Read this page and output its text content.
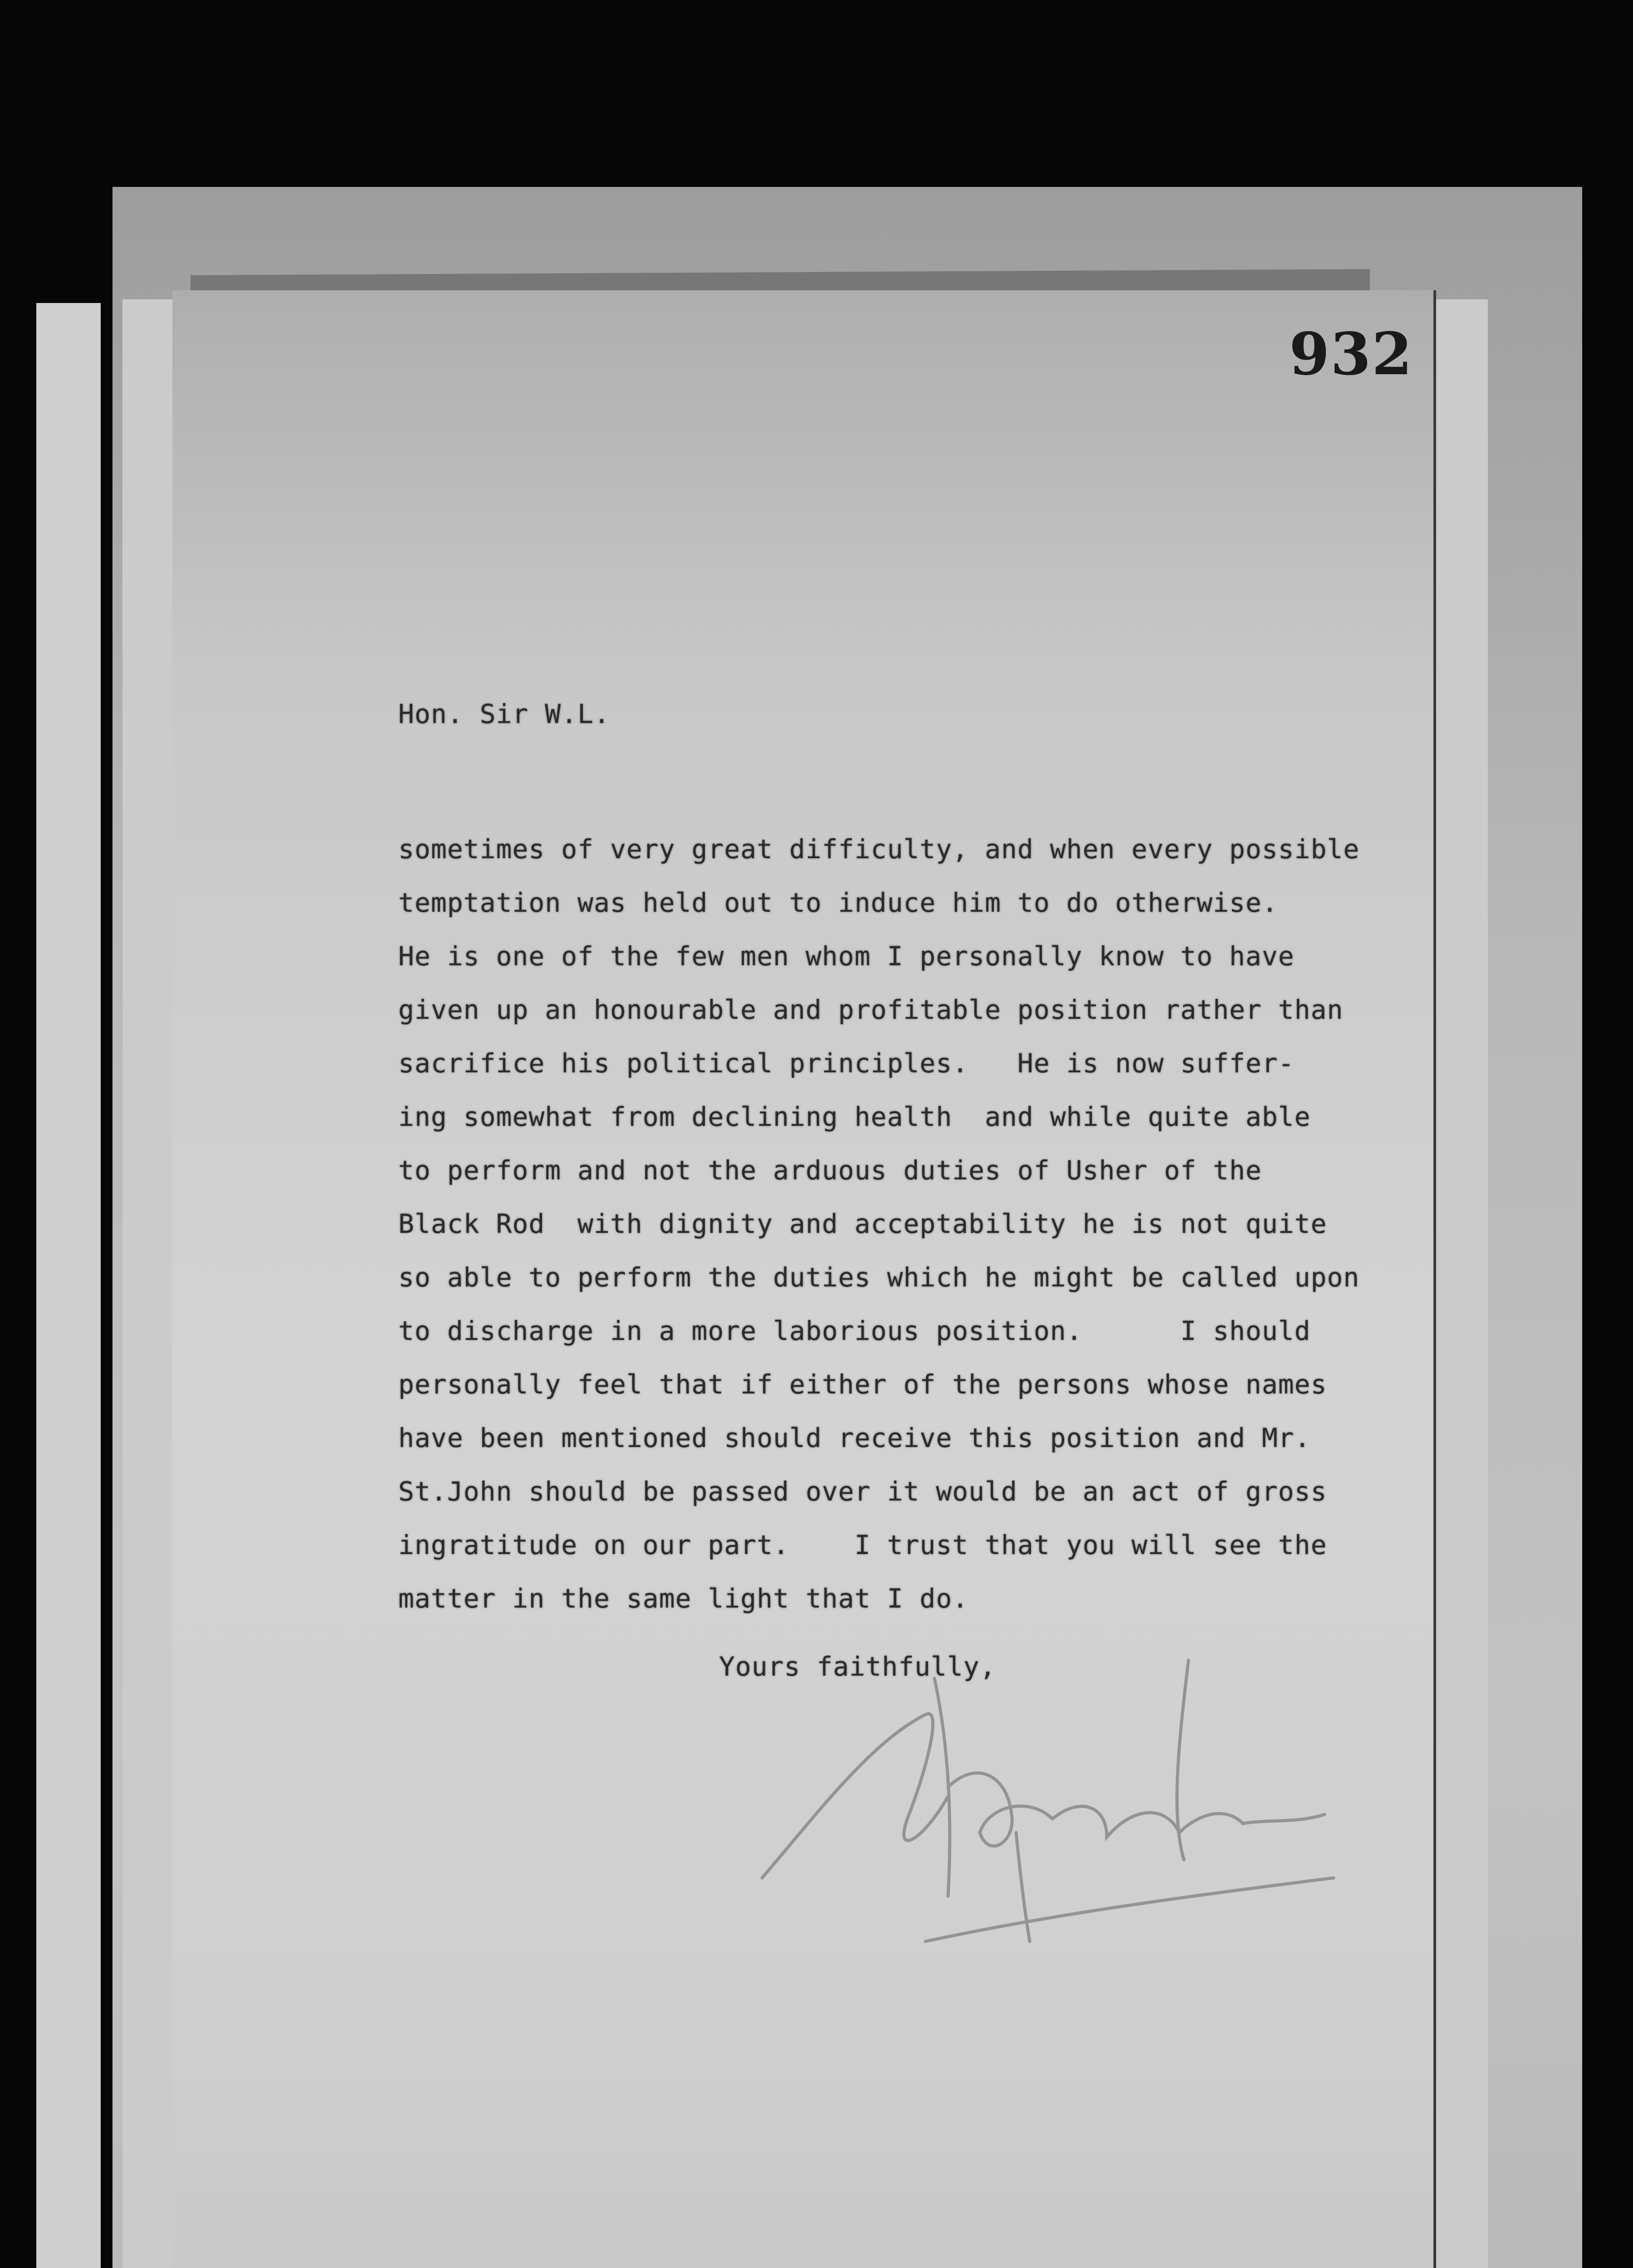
932
Hon. Sir W.L.
sometimes of very great difficulty, and when every possible
temptation was held out to induce him to do otherwise.
He is one of the few men whom I personally know to have
given up an honourable and profitable position rather than
sacrifice his political principles.   He is now suffer-
ing somewhat from declining health  and while quite able
to perform and not the arduous duties of Usher of the
Black Rod  with dignity and acceptability he is not quite
so able to perform the duties which he might be called upon
to discharge in a more laborious position.      I should
personally feel that if either of the persons whose names
have been mentioned should receive this position and Mr.
St.John should be passed over it would be an act of gross
ingratitude on our part.    I trust that you will see the
matter in the same light that I do.
Yours faithfully,
